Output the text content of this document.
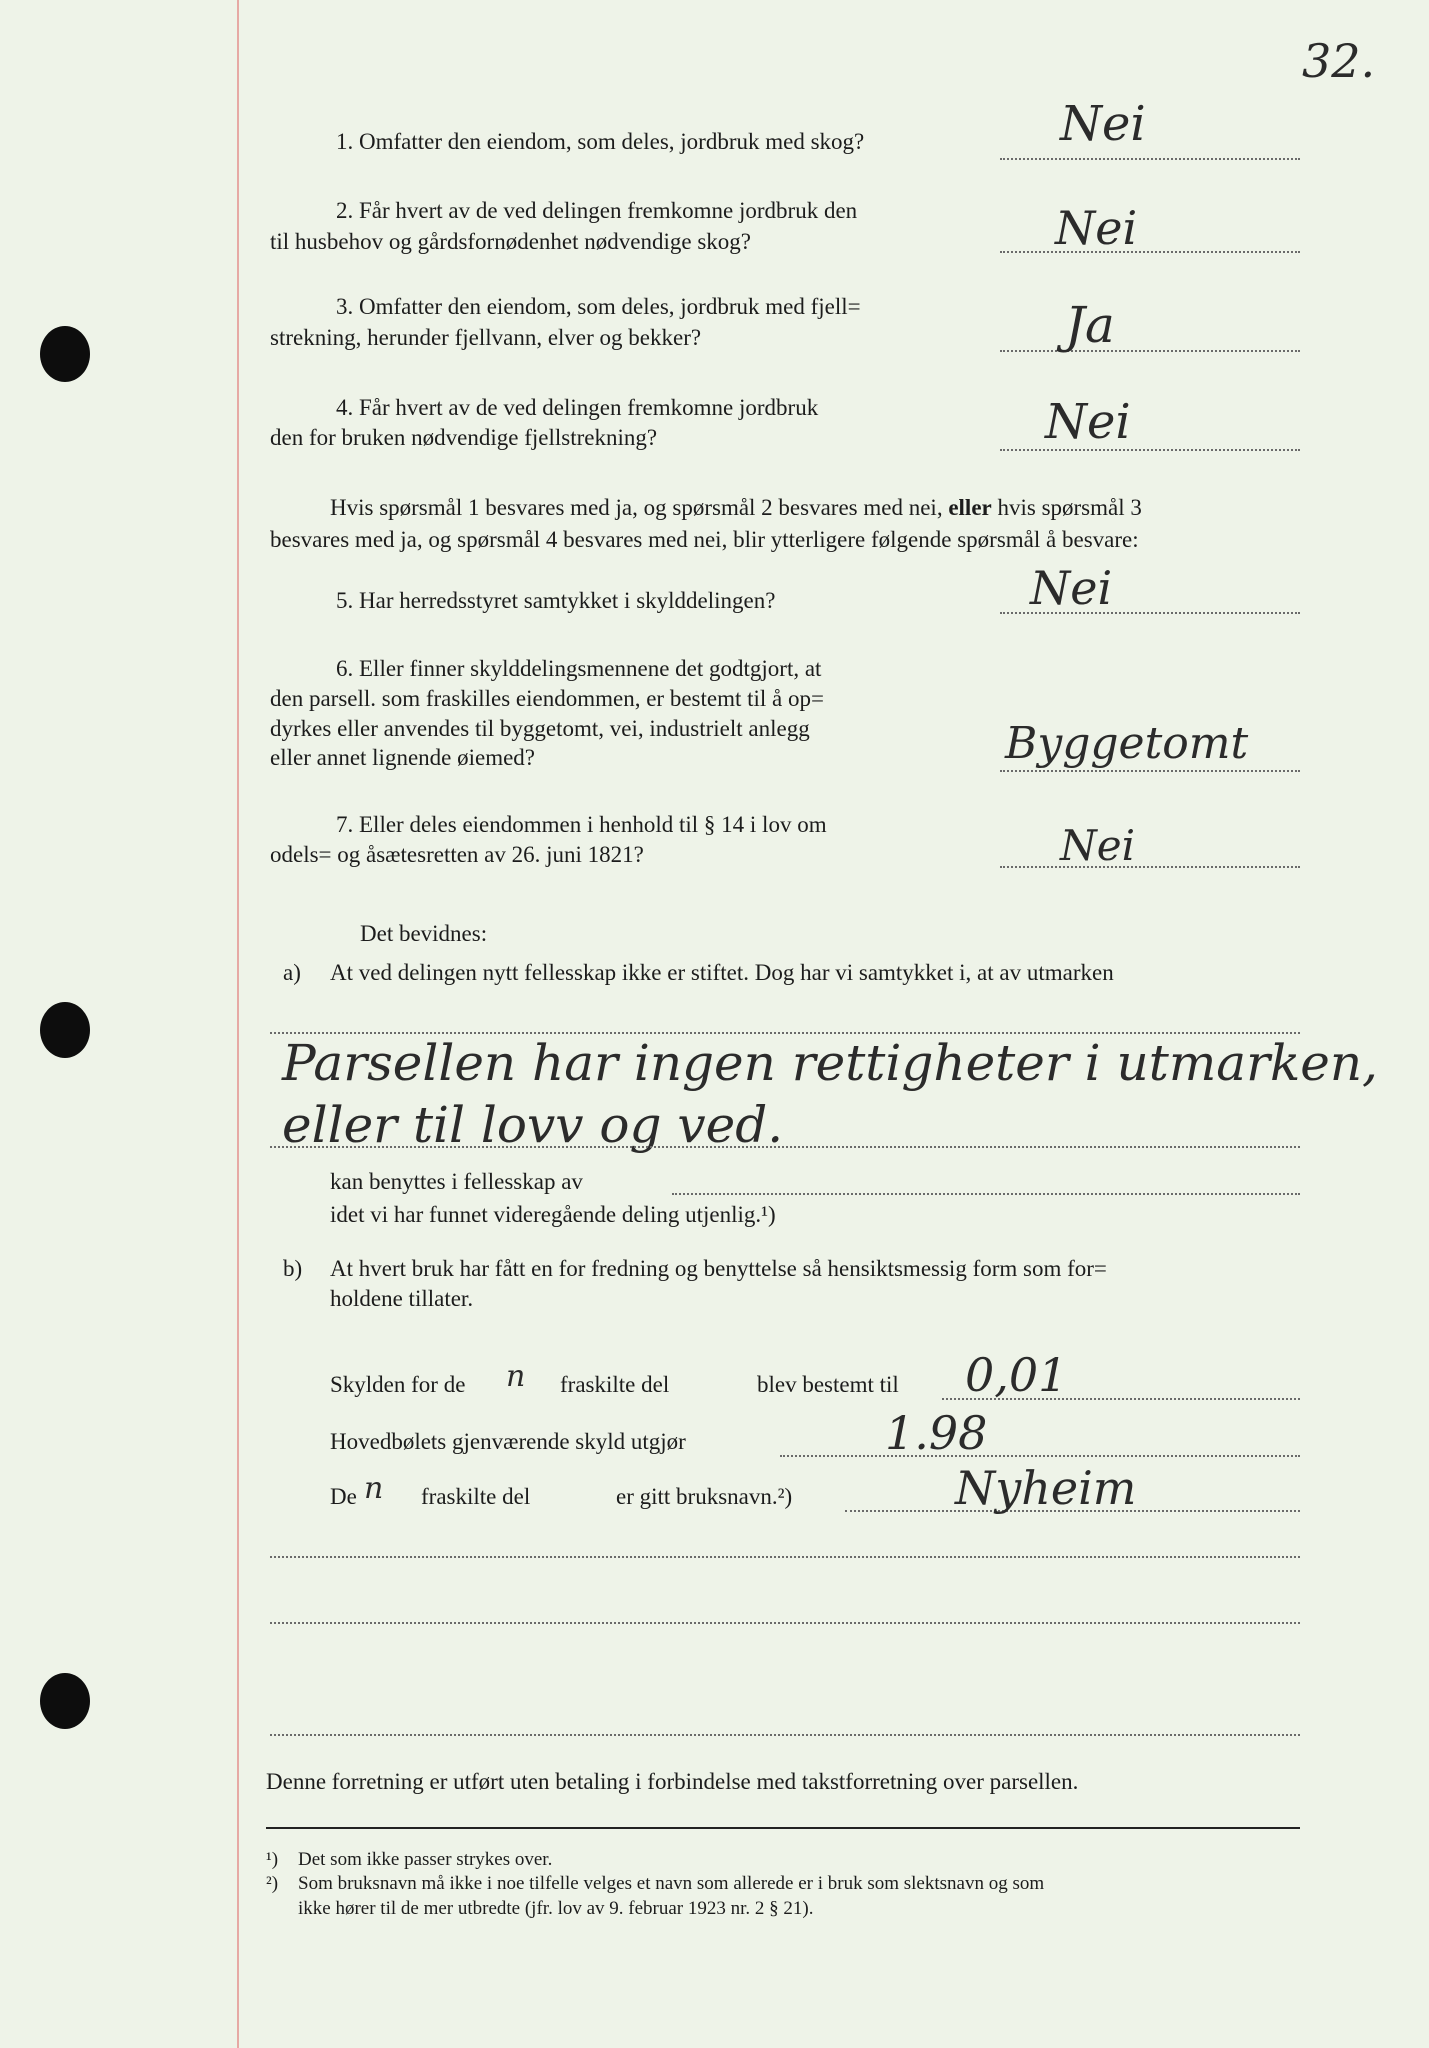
32.
1. Omfatter den eiendom, som deles, jordbruk med skog?	Nei
2. Får hvert av de ved delingen fremkomne jordbruk den
til husbehov og gårdsfornødenhet nødvendige skog?	Nei
3. Omfatter den eiendom, som deles, jordbruk med fjell=
strekning, herunder fjellvann, elver og bekker?	Ja
4. Får hvert av de ved delingen fremkomne jordbruk
den for bruken nødvendige fjellstrekning?	Nei
Hvis spørsmål 1 besvares med ja, og spørsmål 2 besvares med nei, eller hvis spørsmål 3
besvares med ja, og spørsmål 4 besvares med nei, blir ytterligere følgende spørsmål å besvare:
5. Har herredsstyret samtykket i skylddelingen?	Nei
6. Eller finner skylddelingsmennene det godtgjort, at
den parsell. som fraskilles eiendommen, er bestemt til å op=
dyrkes eller anvendes til byggetomt, vei, industrielt anlegg
eller annet lignende øiemed?	Byggetomt
7. Eller deles eiendommen i henhold til § 14 i lov om
odels= og åsætesretten av 26. juni 1821?	Nei
Det bevidnes:
a) At ved delingen nytt fellesskap ikke er stiftet. Dog har vi samtykket i, at av utmarken
Parsellen har ingen rettigheter i utmarken,
eller til lovv og ved.
kan benyttes i fellesskap av
idet vi har funnet videregående deling utjenlig.¹)
b) At hvert bruk har fått en for fredning og benyttelse så hensiktsmessig form som for=
holdene tillater.
Skylden for de n fraskilte del	blev bestemt til 0,01
Hovedbølets gjenværende skyld utgjør	1.98
De n fraskilte del	er gitt bruksnavn.²)	Nyheim
Denne forretning er utført uten betaling i forbindelse med takstforretning over parsellen.
¹) Det som ikke passer strykes over.
²) Som bruksnavn må ikke i noe tilfelle velges et navn som allerede er i bruk som slektsnavn og som
ikke hører til de mer utbredte (jfr. lov av 9. februar 1923 nr. 2 § 21).
